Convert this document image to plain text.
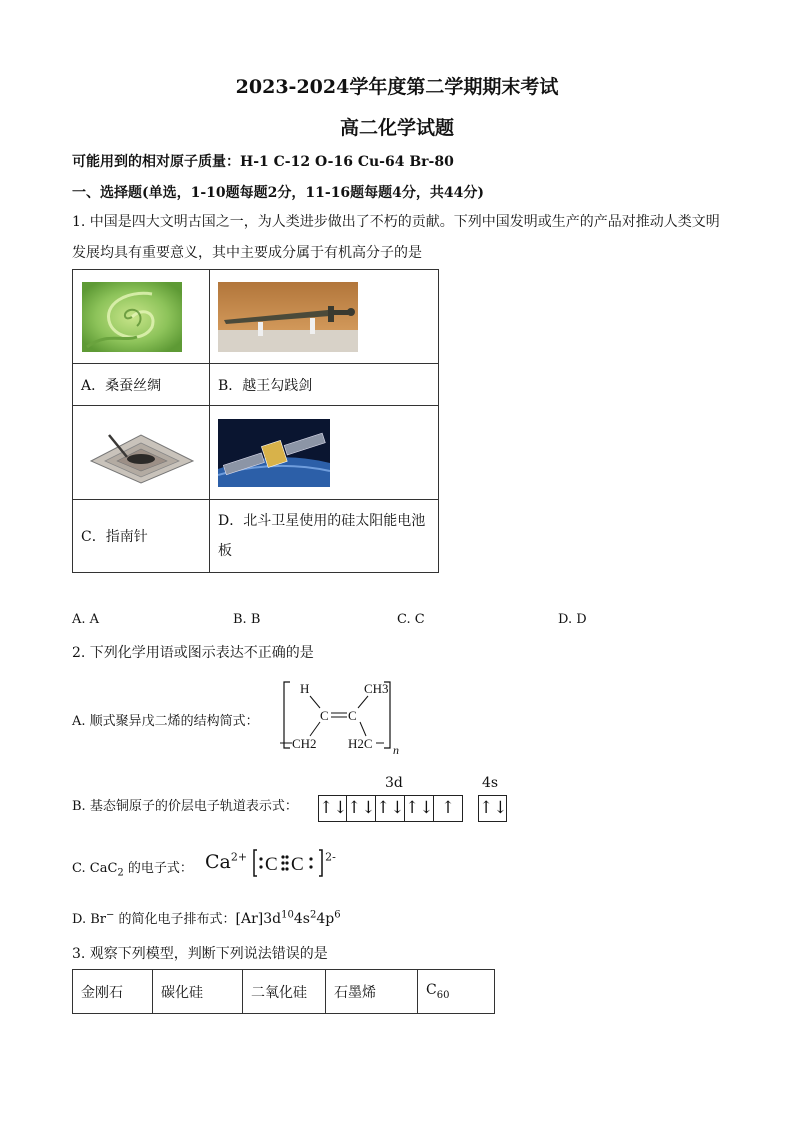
2023-2024学年度第二学期期末考试
高二化学试题
可能用到的相对原子质量：H-1 C-12 O-16 Cu-64 Br-80
一、选择题(单选，1-10题每题2分，11-16题每题4分，共44分)
1. 中国是四大文明古国之一，为人类进步做出了不朽的贡献。下列中国发明或生产的产品对推动人类文明
发展均具有重要意义，其中主要成分属于有机高分子的是

A．桑蚕丝绸	B．越王勾践剑

C．指南针	D．北斗卫星使用的硅太阳能电池
板
A. A	B. B	C. C	D. D
2. 下列化学用语或图示表达不正确的是
A. 顺式聚异戊二烯的结构简式：
H	CH3
C C
CH2 H2C n
B. 基态铜原子的价层电子轨道表示式：
3d	4s
↑↓ ↑↓ ↑↓ ↑↓ ↑	↑↓
C. CaC$_2$ 的电子式： $Ca^{2+}$ C C $^{2-}$
D. Br− 的简化电子排布式：$[Ar]3d^{10}4s^24p^6$
3. 观察下列模型，判断下列说法错误的是
金刚石	碳化硅	二氧化硅	石墨烯	$C_{60}$
